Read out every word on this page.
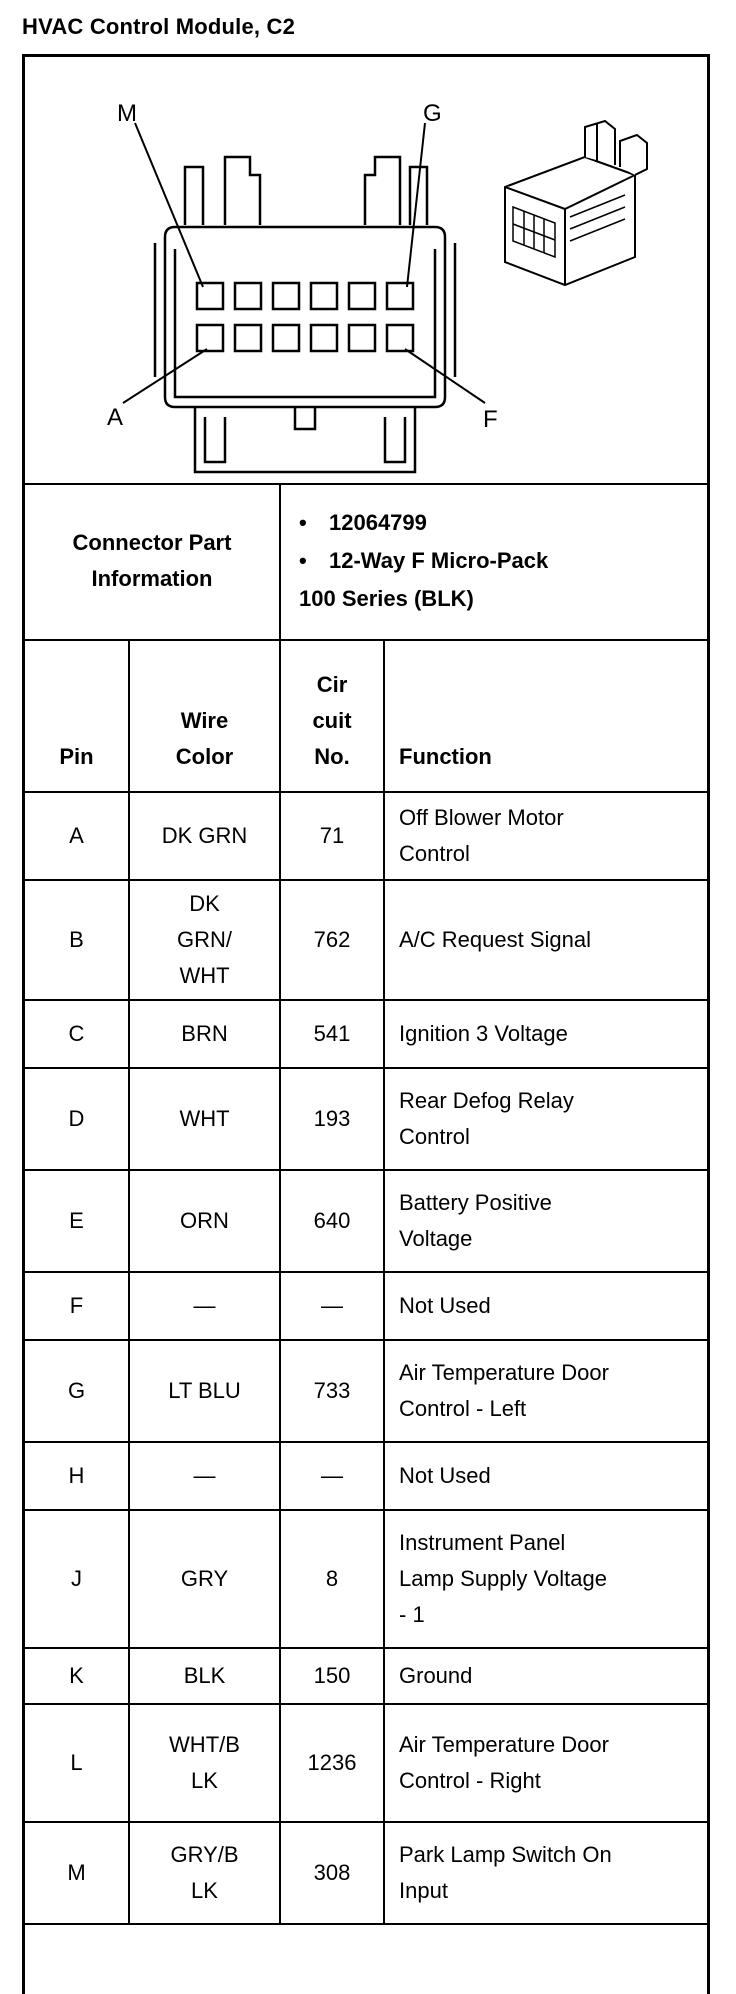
HVAC Control Module, C2
M	G
A	F
Connector Part Information	
• 12064799
• 12-Way F Micro-Pack
100 Series (BLK)
Pin	Wire Color	Cir cuit No.	Function
A	DK GRN	71	Off Blower Motor Control

B	DK GRN/ WHT	762	A/C Request Signal

C	BRN	541	Ignition 3 Voltage

D	WHT	193	Rear Defog Relay Control

E	ORN	640	Battery Positive Voltage

F	—	—	Not Used

G	LT BLU	733	Air Temperature Door Control - Left

H	—	—	Not Used

J	GRY	8	Instrument Panel Lamp Supply Voltage - 1

K	BLK	150	Ground

L	WHT/B LK	1236	Air Temperature Door Control - Right

M	GRY/B LK	308	Park Lamp Switch On Input
